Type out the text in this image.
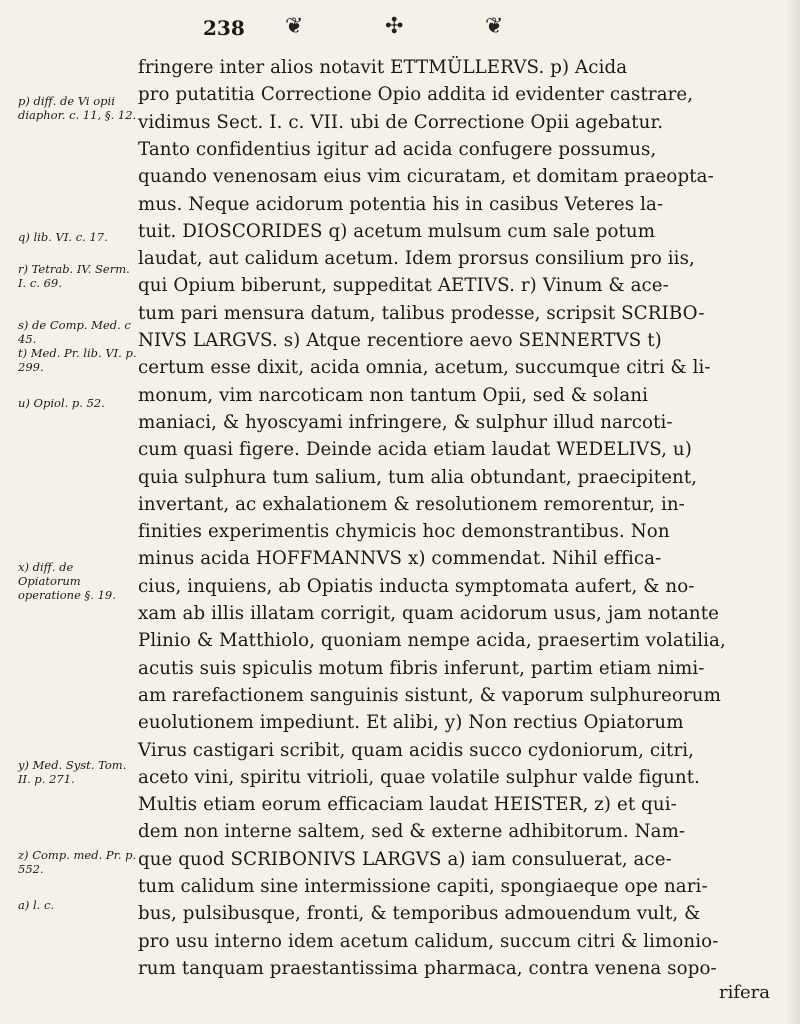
238 ❦	✣	❦
p) diff. de Vi opii diaphor. c. 11, §. 12.
q) lib. VI. c. 17.
r) Tetrab. IV. Serm. I. c. 69.
s) de Comp. Med. c 45.
t) Med. Pr. lib. VI. p. 299.
u) Opiol. p. 52.
x) diff. de Opiatorum operatione §. 19.
y) Med. Syst. Tom. II. p. 271.
z) Comp. med. Pr. p. 552.
a) l. c.
fringere inter alios notavit ETTMÜLLERVS. p) Acida
pro putatitia Correctione Opio addita id evidenter castrare,
vidimus Sect. I. c. VII. ubi de Correctione Opii agebatur.
Tanto confidentius igitur ad acida confugere possumus,
quando venenosam eius vim cicuratam, et domitam praeopta-
mus. Neque acidorum potentia his in casibus Veteres la-
tuit. DIOSCORIDES q) acetum mulsum cum sale potum
laudat, aut calidum acetum. Idem prorsus consilium pro iis,
qui Opium biberunt, suppeditat AETIVS. r) Vinum & ace-
tum pari mensura datum, talibus prodesse, scripsit SCRIBO-
NIVS LARGVS. s) Atque recentiore aevo SENNERTVS t)
certum esse dixit, acida omnia, acetum, succumque citri & li-
monum, vim narcoticam non tantum Opii, sed & solani
maniaci, & hyoscyami infringere, & sulphur illud narcoti-
cum quasi figere. Deinde acida etiam laudat WEDELIVS, u)
quia sulphura tum salium, tum alia obtundant, praecipitent,
invertant, ac exhalationem & resolutionem remorentur, in-
finities experimentis chymicis hoc demonstrantibus. Non
minus acida HOFFMANNVS x) commendat. Nihil effica-
cius, inquiens, ab Opiatis inducta symptomata aufert, & no-
xam ab illis illatam corrigit, quam acidorum usus, jam notante
Plinio & Matthiolo, quoniam nempe acida, praesertim volatilia,
acutis suis spiculis motum fibris inferunt, partim etiam nimi-
am rarefactionem sanguinis sistunt, & vaporum sulphureorum
euolutionem impediunt. Et alibi, y) Non rectius Opiatorum
Virus castigari scribit, quam acidis succo cydoniorum, citri,
aceto vini, spiritu vitrioli, quae volatile sulphur valde figunt.
Multis etiam eorum efficaciam laudat HEISTER, z) et qui-
dem non interne saltem, sed & externe adhibitorum. Nam-
que quod SCRIBONIVS LARGVS a) iam consuluerat, ace-
tum calidum sine intermissione capiti, spongiaeque ope nari-
bus, pulsibusque, fronti, & temporibus admouendum vult, &
pro usu interno idem acetum calidum, succum citri & limonio-
rum tanquam praestantissima pharmaca, contra venena sopo-
rifera
